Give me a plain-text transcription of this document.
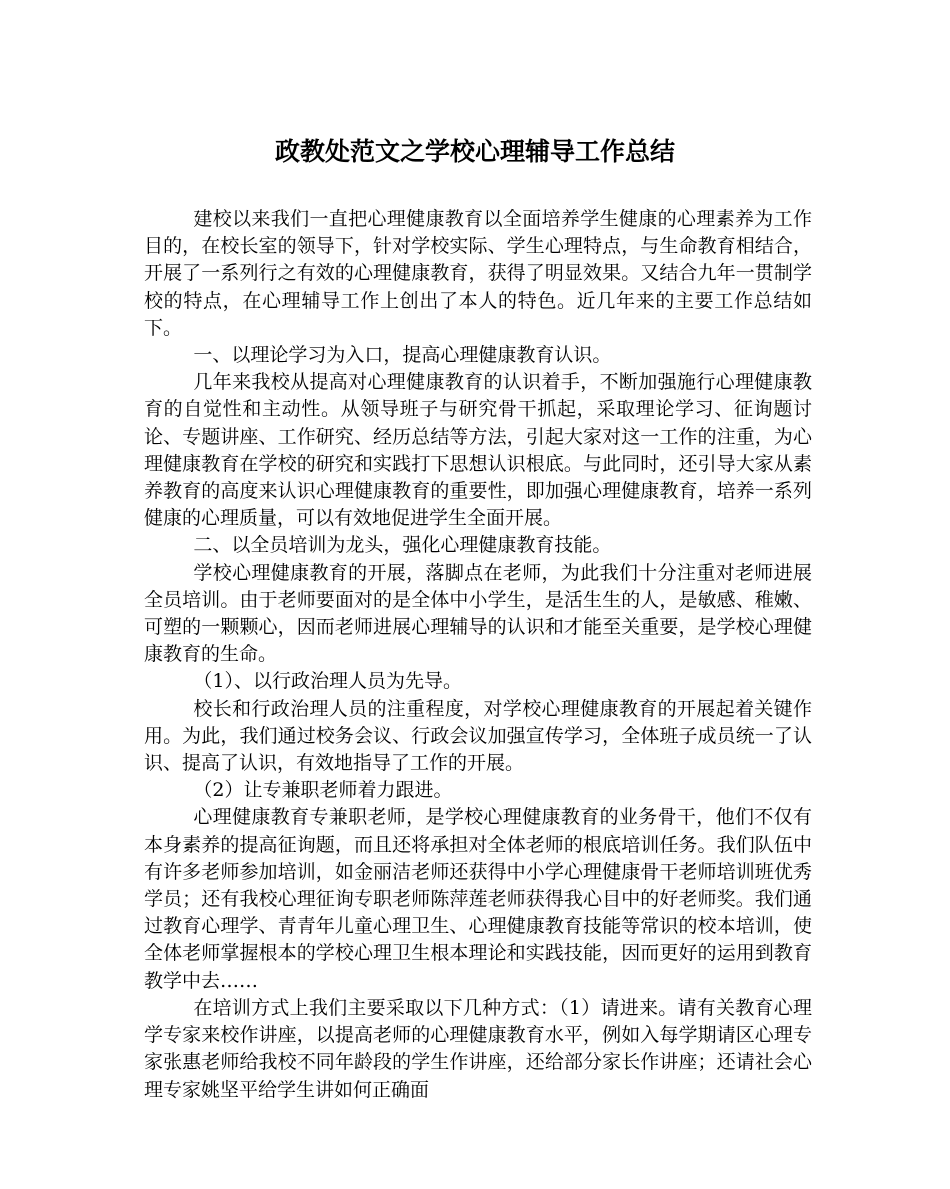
政教处范文之学校心理辅导工作总结

建校以来我们一直把心理健康教育以全面培养学生健康的心理素养为工作目的，在校长室的领导下，针对学校实际、学生心理特点，与生命教育相结合，开展了一系列行之有效的心理健康教育，获得了明显效果。又结合九年一贯制学校的特点，在心理辅导工作上创出了本人的特色。近几年来的主要工作总结如下。

一、以理论学习为入口，提高心理健康教育认识。

几年来我校从提高对心理健康教育的认识着手，不断加强施行心理健康教育的自觉性和主动性。从领导班子与研究骨干抓起，采取理论学习、征询题讨论、专题讲座、工作研究、经历总结等方法，引起大家对这一工作的注重，为心理健康教育在学校的研究和实践打下思想认识根底。与此同时，还引导大家从素养教育的高度来认识心理健康教育的重要性，即加强心理健康教育，培养一系列健康的心理质量，可以有效地促进学生全面开展。

二、以全员培训为龙头，强化心理健康教育技能。

学校心理健康教育的开展，落脚点在老师，为此我们十分注重对老师进展全员培训。由于老师要面对的是全体中小学生，是活生生的人，是敏感、稚嫩、可塑的一颗颗心，因而老师进展心理辅导的认识和才能至关重要，是学校心理健康教育的生命。

（1）、以行政治理人员为先导。

校长和行政治理人员的注重程度，对学校心理健康教育的开展起着关键作用。为此，我们通过校务会议、行政会议加强宣传学习，全体班子成员统一了认识、提高了认识，有效地指导了工作的开展。

（2）让专兼职老师着力跟进。

心理健康教育专兼职老师，是学校心理健康教育的业务骨干，他们不仅有本身素养的提高征询题，而且还将承担对全体老师的根底培训任务。我们队伍中有许多老师参加培训，如金丽洁老师还获得中小学心理健康骨干老师培训班优秀学员；还有我校心理征询专职老师陈萍莲老师获得我心目中的好老师奖。我们通过教育心理学、青青年儿童心理卫生、心理健康教育技能等常识的校本培训，使全体老师掌握根本的学校心理卫生根本理论和实践技能，因而更好的运用到教育教学中去……

在培训方式上我们主要采取以下几种方式：（1）请进来。请有关教育心理学专家来校作讲座，以提高老师的心理健康教育水平，例如入每学期请区心理专家张惠老师给我校不同年龄段的学生作讲座，还给部分家长作讲座；还请社会心理专家姚坚平给学生讲如何正确面
